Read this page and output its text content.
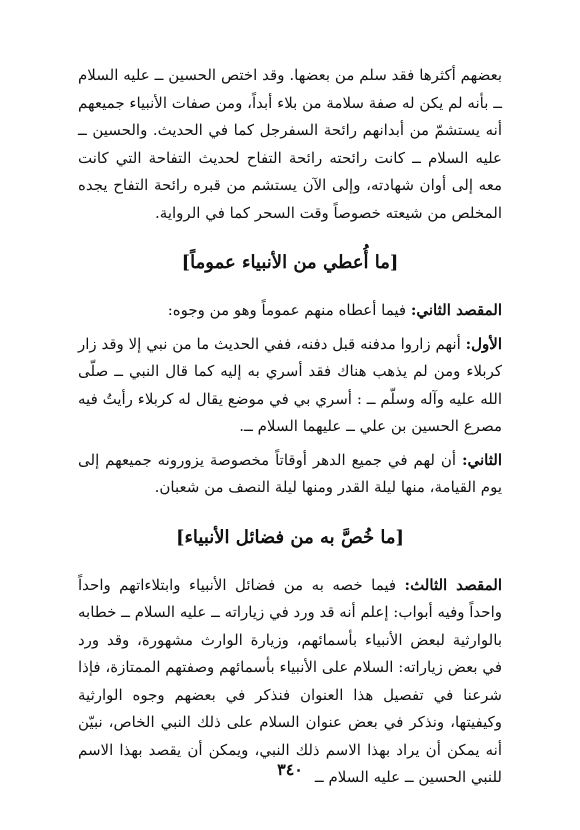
بعضهم أكثرها فقد سلم من بعضها. وقد اختص الحسين ــ عليه السلام ــ بأنه لم يكن له صفة سلامة من بلاء أبداً، ومن صفات الأنبياء جميعهم أنه يستشمّ من أبدانهم رائحة السفرجل كما في الحديث. والحسين ــ عليه السلام ــ كانت رائحته رائحة التفاح لحديث التفاحة التي كانت معه إلى أوان شهادته، وإلى الآن يستشم من قبره رائحة التفاح يجده المخلص من شيعته خصوصاً وقت السحر كما في الرواية.

[ما أُعطي من الأنبياء عموماً]

المقصد الثاني: فيما أعطاه منهم عموماً وهو من وجوه:

الأول: أنهم زاروا مدفنه قبل دفنه، ففي الحديث ما من نبي إلا وقد زار كربلاء ومن لم يذهب هناك فقد أسري به إليه كما قال النبي ــ صلّى الله عليه وآله وسلّم ــ : أسري بي في موضع يقال له كربلاء رأيتُ فيه مصرع الحسين بن علي ــ عليهما السلام ــ.

الثاني: أن لهم في جميع الدهر أوقاتاً مخصوصة يزورونه جميعهم إلى يوم القيامة، منها ليلة القدر ومنها ليلة النصف من شعبان.

[ما خُصَّ به من فضائل الأنبياء]

المقصد الثالث: فيما خصه به من فضائل الأنبياء وابتلاءاتهم واحداً واحداً وفيه أبواب: إعلم أنه قد ورد في زياراته ــ عليه السلام ــ خطابه بالوارثية لبعض الأنبياء بأسمائهم، وزيارة الوارث مشهورة، وقد ورد في بعض زياراته: السلام على الأنبياء بأسمائهم وصفتهم الممتازة، فإذا شرعنا في تفصيل هذا العنوان فنذكر في بعضهم وجوه الوارثية وكيفيتها، ونذكر في بعض عنوان السلام على ذلك النبي الخاص، نبيّن أنه يمكن أن يراد بهذا الاسم ذلك النبي، ويمكن أن يقصد بهذا الاسم للنبي الحسين ــ عليه السلام ــ

٣٤٠
